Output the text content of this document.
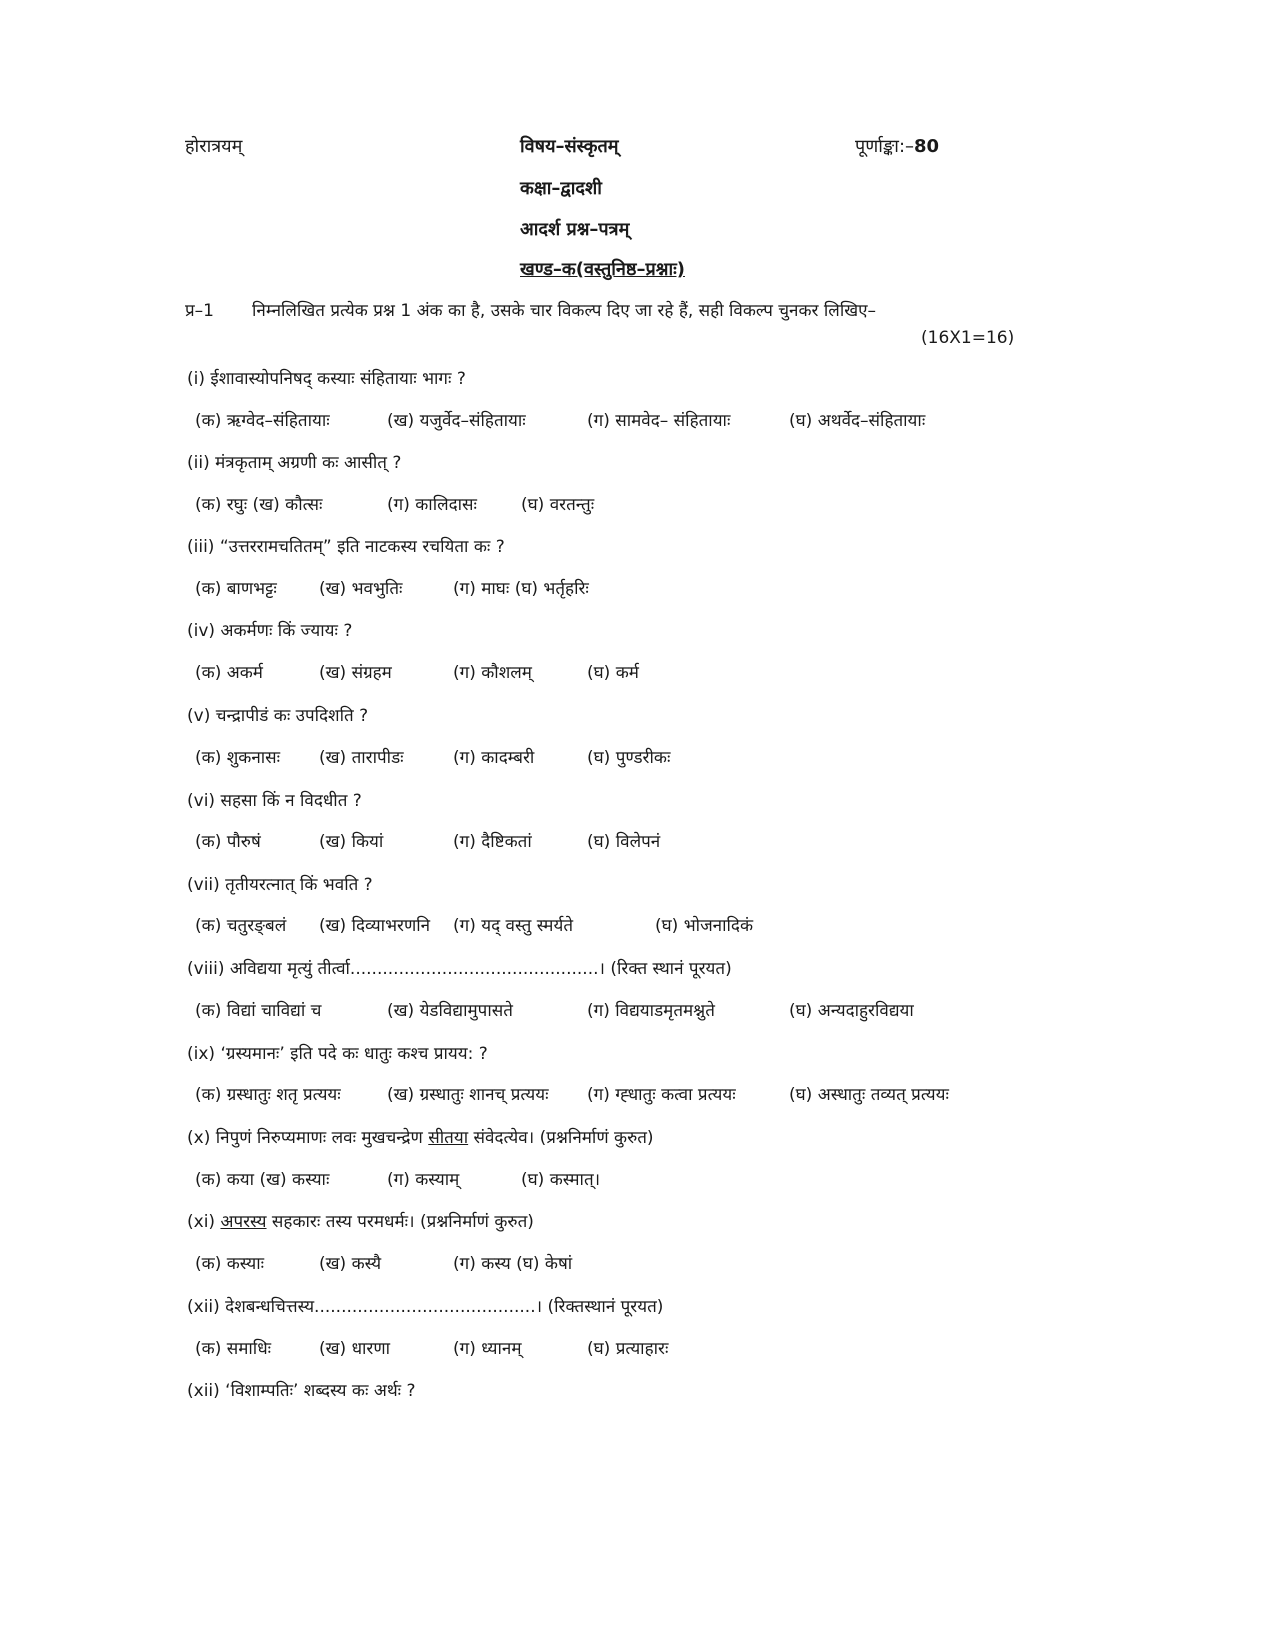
होरात्रयम्	विषय–संस्कृतम्	पूर्णाङ्का:–80
कक्षा–द्वादशी
आदर्श प्रश्न–पत्रम्
खण्ड–क(वस्तुनिष्ठ–प्रश्नाः)
प्र–1 निम्नलिखित प्रत्येक प्रश्न 1 अंक का है, उसके चार विकल्प दिए जा रहे हैं, सही विकल्प चुनकर लिखिए–
(16X1=16)
(i) ईशावास्योपनिषद् कस्याः संहितायाः भागः ?
(क) ऋग्वेद–संहितायाः	(ख) यजुर्वेद–संहितायाः	(ग) सामवेद– संहितायाः	(घ) अथर्वेद–संहितायाः
(ii) मंत्रकृताम् अग्रणी कः आसीत् ?
(क) रघुः (ख) कौत्सः	(ग) कालिदासः	(घ) वरतन्तुः
(iii) “उत्तररामचतितम्” इति नाटकस्य रचयिता कः ?
(क) बाणभट्टः (ख) भवभुतिः	(ग) माघः (घ) भर्तृहरिः
(iv) अकर्मणः किं ज्यायः ?
(क) अकर्म	(ख) संग्रहम	(ग) कौशलम्	(घ) कर्म
(v) चन्द्रापीडं कः उपदिशति ?
(क) शुकनासः (ख) तारापीडः	(ग) कादम्बरी	(घ) पुण्डरीकः
(vi) सहसा किं न विदधीत ?
(क) पौरुषं	(ख) कियां	(ग) दैष्टिकतां	(घ) विलेपनं
(vii) तृतीयरत्नात् किं भवति ?
(क) चतुरङ्बलं (ख) दिव्याभरणनि (ग) यद् वस्तु स्मर्यते	(घ) भोजनादिकं
(viii) अविद्यया मृत्युं तीर्त्वा..............................................। (रिक्त स्थानं पूरयत)
(क) विद्यां चाविद्यां च	(ख) येडविद्यामुपासते	(ग) विद्ययाडमृतमश्नुते	(घ) अन्यदाहुरविद्यया
(ix) ‘ग्रस्यमानः’ इति पदे कः धातुः कश्च प्रायय: ?
(क) ग्रस्धातुः शतृ प्रत्ययः	(ख) ग्रस्धातुः शानच् प्रत्ययः (ग) ग्ह्धातुः कत्वा प्रत्ययः	(घ) अस्धातुः तव्यत् प्रत्ययः
(x) निपुणं निरुप्यमाणः लवः मुखचन्द्रेण सीतया संवेदत्येव। (प्रश्ननिर्माणं कुरुत)
(क) कया (ख) कस्याः	(ग) कस्याम्	(घ) कस्मात्।
(xi) अपरस्य सहकारः तस्य परमधर्मः। (प्रश्ननिर्माणं कुरुत)
(क) कस्याः	(ख) कस्यै	(ग) कस्य (घ) केषां
(xii) देशबन्धचित्तस्य.........................................। (रिक्तस्थानं पूरयत)
(क) समाधिः	(ख) धारणा	(ग) ध्यानम्	(घ) प्रत्याहारः
(xii) ‘विशाम्पतिः’ शब्दस्य कः अर्थः ?
